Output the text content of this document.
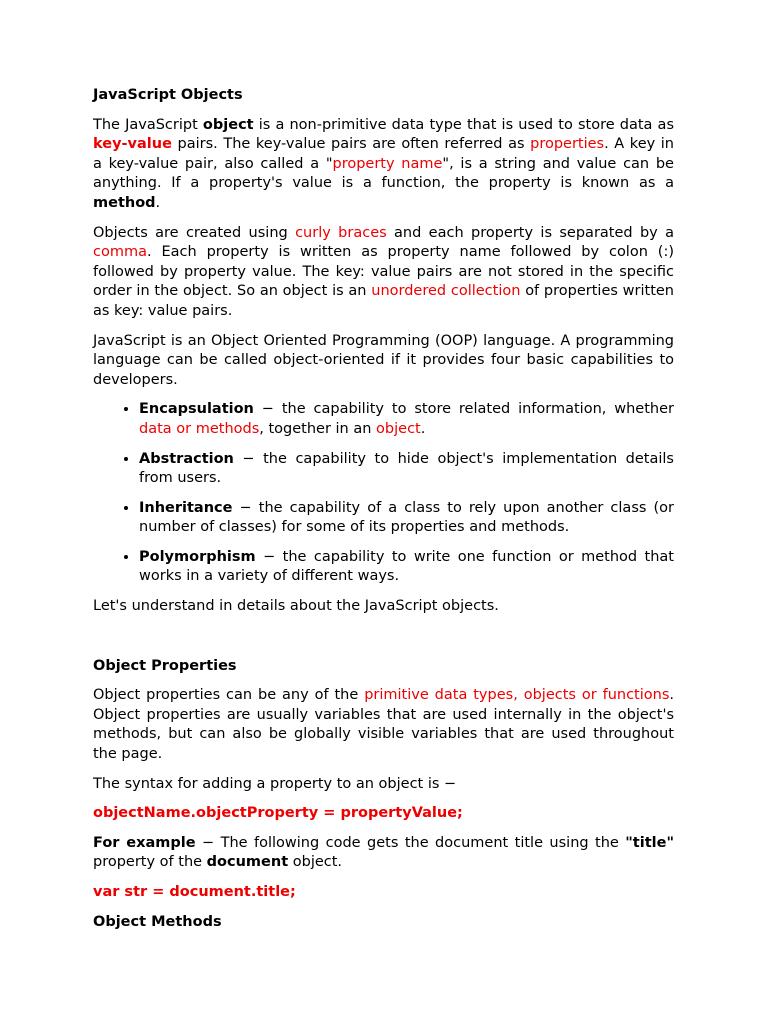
JavaScript Objects

The JavaScript object is a non-primitive data type that is used to store data as key-value pairs. The key-value pairs are often referred as properties. A key in a key-value pair, also called a "property name", is a string and value can be anything. If a property's value is a function, the property is known as a method.

Objects are created using curly braces and each property is separated by a comma. Each property is written as property name followed by colon (:) followed by property value. The key: value pairs are not stored in the specific order in the object. So an object is an unordered collection of properties written as key: value pairs.

JavaScript is an Object Oriented Programming (OOP) language. A programming language can be called object-oriented if it provides four basic capabilities to developers.

• Encapsulation − the capability to store related information, whether data or methods, together in an object.
• Abstraction − the capability to hide object's implementation details from users.
• Inheritance − the capability of a class to rely upon another class (or number of classes) for some of its properties and methods.
• Polymorphism − the capability to write one function or method that works in a variety of different ways.

Let's understand in details about the JavaScript objects.

Object Properties

Object properties can be any of the primitive data types, objects or functions. Object properties are usually variables that are used internally in the object's methods, but can also be globally visible variables that are used throughout the page.

The syntax for adding a property to an object is −

objectName.objectProperty = propertyValue;

For example − The following code gets the document title using the "title" property of the document object.

var str = document.title;
Object Methods
